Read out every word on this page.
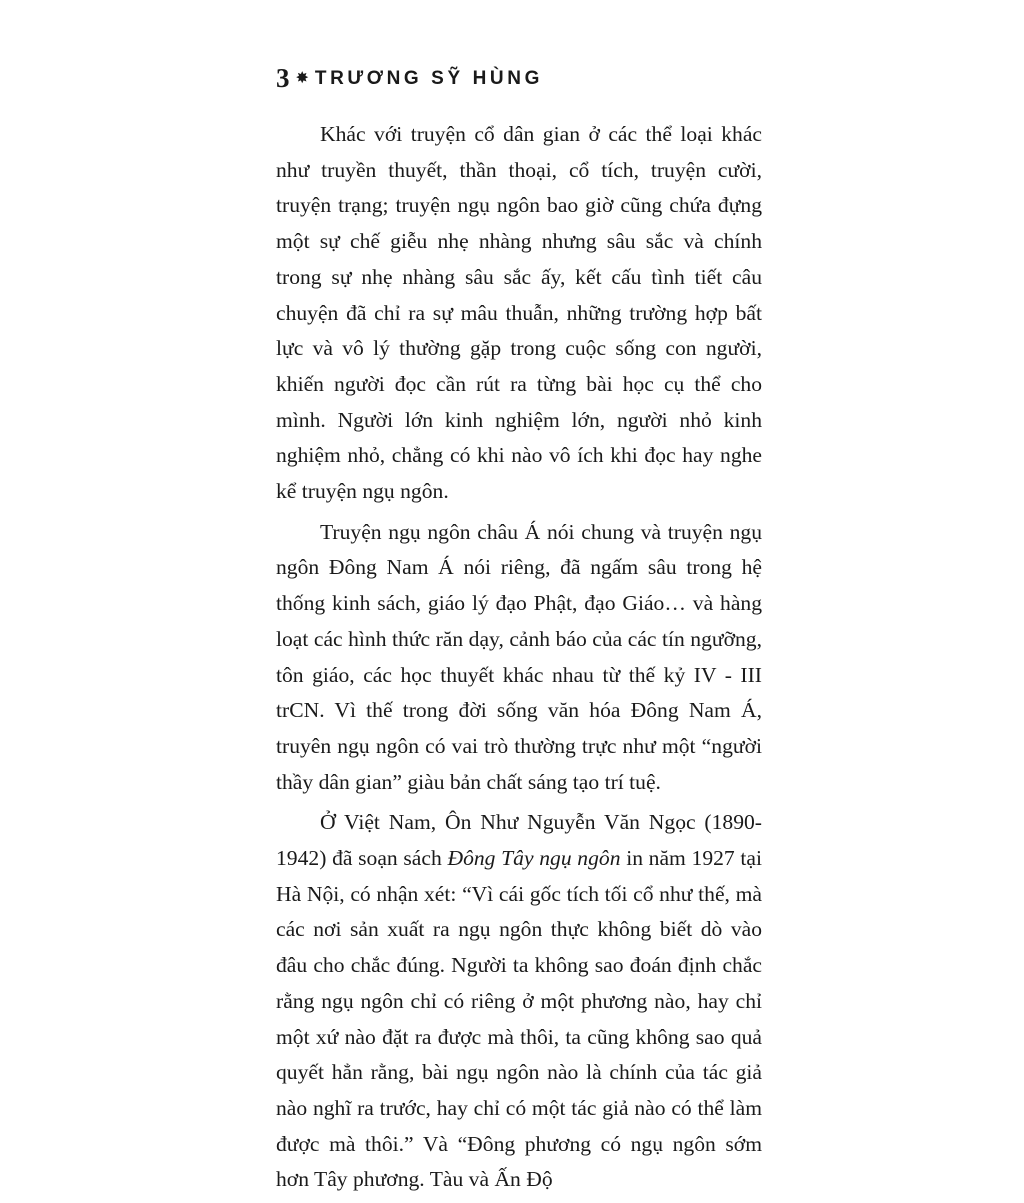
3 ✸ TRƯƠNG SỸ HÙNG

Khác với truyện cổ dân gian ở các thể loại khác như truyền thuyết, thần thoại, cổ tích, truyện cười, truyện trạng; truyện ngụ ngôn bao giờ cũng chứa đựng một sự chế giễu nhẹ nhàng nhưng sâu sắc và chính trong sự nhẹ nhàng sâu sắc ấy, kết cấu tình tiết câu chuyện đã chỉ ra sự mâu thuẫn, những trường hợp bất lực và vô lý thường gặp trong cuộc sống con người, khiến người đọc cần rút ra từng bài học cụ thể cho mình. Người lớn kinh nghiệm lớn, người nhỏ kinh nghiệm nhỏ, chẳng có khi nào vô ích khi đọc hay nghe kể truyện ngụ ngôn.

Truyện ngụ ngôn châu Á nói chung và truyện ngụ ngôn Đông Nam Á nói riêng, đã ngấm sâu trong hệ thống kinh sách, giáo lý đạo Phật, đạo Giáo… và hàng loạt các hình thức răn dạy, cảnh báo của các tín ngưỡng, tôn giáo, các học thuyết khác nhau từ thế kỷ IV - III trCN. Vì thế trong đời sống văn hóa Đông Nam Á, truyên ngụ ngôn có vai trò thường trực như một “người thầy dân gian” giàu bản chất sáng tạo trí tuệ.

Ở Việt Nam, Ôn Như Nguyễn Văn Ngọc (1890-1942) đã soạn sách Đông Tây ngụ ngôn in năm 1927 tại Hà Nội, có nhận xét: “Vì cái gốc tích tối cổ như thế, mà các nơi sản xuất ra ngụ ngôn thực không biết dò vào đâu cho chắc đúng. Người ta không sao đoán định chắc rằng ngụ ngôn chỉ có riêng ở một phương nào, hay chỉ một xứ nào đặt ra được mà thôi, ta cũng không sao quả quyết hẳn rằng, bài ngụ ngôn nào là chính của tác giả nào nghĩ ra trước, hay chỉ có một tác giả nào có thể làm được mà thôi.” Và “Đông phương có ngụ ngôn sớm hơn Tây phương. Tàu và Ấn Độ
